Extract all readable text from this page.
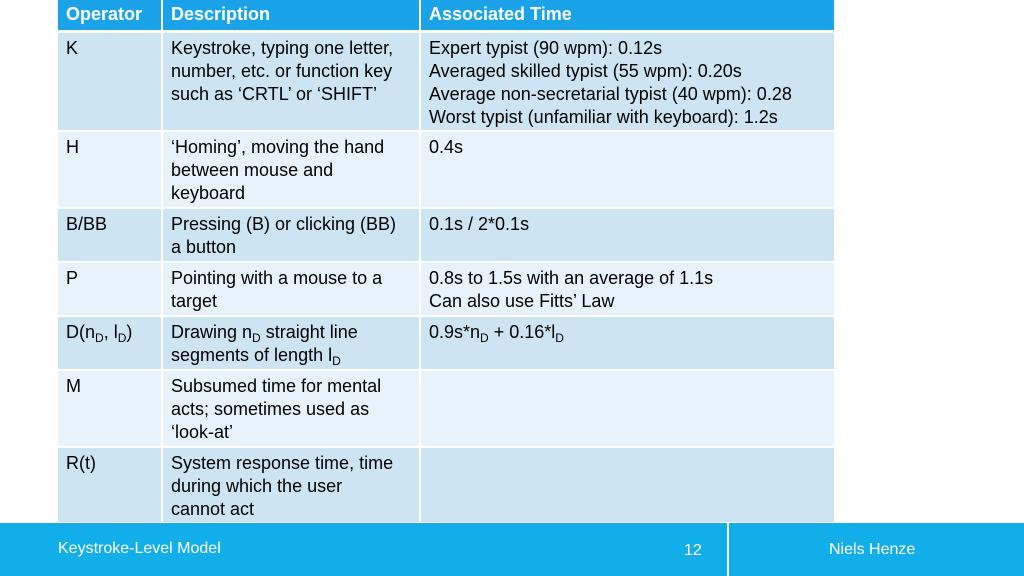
Operator	Description	Associated Time
K	Keystroke, typing one letter,
number, etc. or function key
such as ‘CRTL’ or ‘SHIFT’	Expert typist (90 wpm): 0.12s
Averaged skilled typist (55 wpm): 0.20s
Average non-secretarial typist (40 wpm): 0.28
Worst typist (unfamiliar with keyboard): 1.2s

H	‘Homing’, moving the hand
between mouse and
keyboard	0.4s

B/BB	Pressing (B) or clicking (BB)
a button	0.1s / 2*0.1s

P	Pointing with a mouse to a
target	0.8s to 1.5s with an average of 1.1s
Can also use Fitts’ Law

$D(n_D$, $l_D$)	Drawing $n_D$ straight line
segments of length $l_D$	$0.9s*n_D + 0.16*l_D$

M	Subsumed time for mental
acts; sometimes used as
‘look-at’	

R(t)	System response time, time
during which the user
cannot act	

Keystroke-Level Model	12	Niels Henze
